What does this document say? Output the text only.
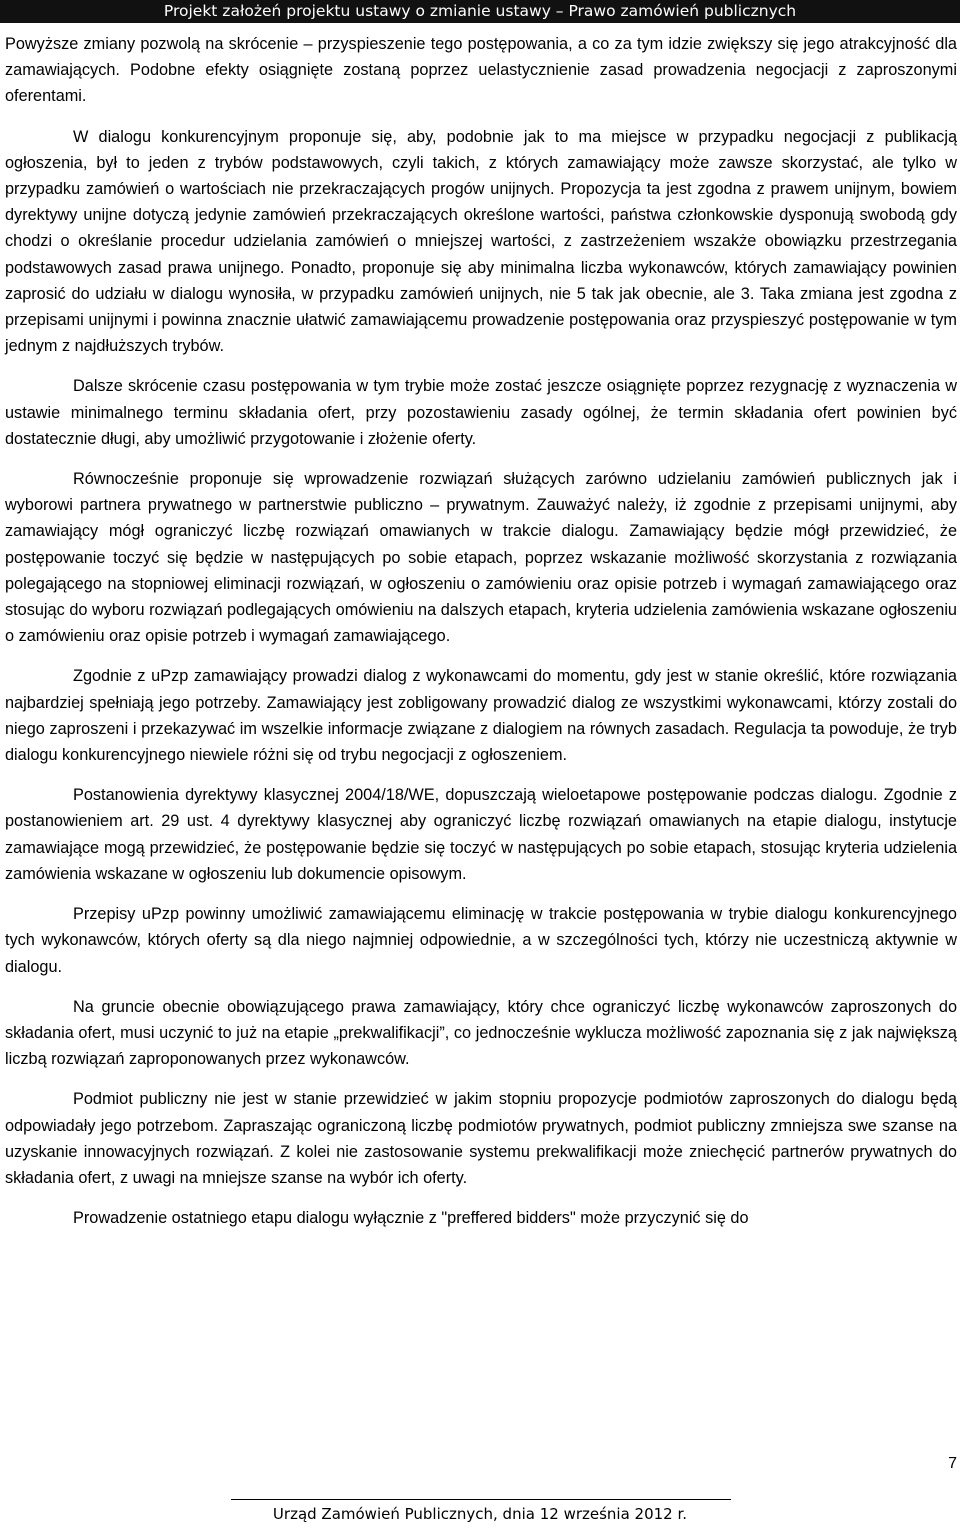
Projekt założeń projektu ustawy o zmianie ustawy – Prawo zamówień publicznych

Powyższe zmiany pozwolą na skrócenie – przyspieszenie tego postępowania, a co za tym idzie zwiększy się jego atrakcyjność dla zamawiających. Podobne efekty osiągnięte zostaną poprzez uelastycznienie zasad prowadzenia negocjacji z zaproszonymi oferentami.

W dialogu konkurencyjnym proponuje się, aby, podobnie jak to ma miejsce w przypadku negocjacji z publikacją ogłoszenia, był to jeden z trybów podstawowych, czyli takich, z których zamawiający może zawsze skorzystać, ale tylko w przypadku zamówień o wartościach nie przekraczających progów unijnych. Propozycja ta jest zgodna z prawem unijnym, bowiem dyrektywy unijne dotyczą jedynie zamówień przekraczających określone wartości, państwa członkowskie dysponują swobodą gdy chodzi o określanie procedur udzielania zamówień o mniejszej wartości, z zastrzeżeniem wszakże obowiązku przestrzegania podstawowych zasad prawa unijnego. Ponadto, proponuje się aby minimalna liczba wykonawców, których zamawiający powinien zaprosić do udziału w dialogu wynosiła, w przypadku zamówień unijnych, nie 5 tak jak obecnie, ale 3. Taka zmiana jest zgodna z przepisami unijnymi i powinna znacznie ułatwić zamawiającemu prowadzenie postępowania oraz przyspieszyć postępowanie w tym jednym z najdłuższych trybów.

Dalsze skrócenie czasu postępowania w tym trybie może zostać jeszcze osiągnięte poprzez rezygnację z wyznaczenia w ustawie minimalnego terminu składania ofert, przy pozostawieniu zasady ogólnej, że termin składania ofert powinien być dostatecznie długi, aby umożliwić przygotowanie i złożenie oferty.

Równocześnie proponuje się wprowadzenie rozwiązań służących zarówno udzielaniu zamówień publicznych jak i wyborowi partnera prywatnego w partnerstwie publiczno – prywatnym. Zauważyć należy, iż zgodnie z przepisami unijnymi, aby zamawiający mógł ograniczyć liczbę rozwiązań omawianych w trakcie dialogu. Zamawiający będzie mógł przewidzieć, że postępowanie toczyć się będzie w następujących po sobie etapach, poprzez wskazanie możliwość skorzystania z rozwiązania polegającego na stopniowej eliminacji rozwiązań, w ogłoszeniu o zamówieniu oraz opisie potrzeb i wymagań zamawiającego oraz stosując do wyboru rozwiązań podlegających omówieniu na dalszych etapach, kryteria udzielenia zamówienia wskazane ogłoszeniu o zamówieniu oraz opisie potrzeb i wymagań zamawiającego.

Zgodnie z uPzp zamawiający prowadzi dialog z wykonawcami do momentu, gdy jest w stanie określić, które rozwiązania najbardziej spełniają jego potrzeby. Zamawiający jest zobligowany prowadzić dialog ze wszystkimi wykonawcami, którzy zostali do niego zaproszeni i przekazywać im wszelkie informacje związane z dialogiem na równych zasadach. Regulacja ta powoduje, że tryb dialogu konkurencyjnego niewiele różni się od trybu negocjacji z ogłoszeniem.

Postanowienia dyrektywy klasycznej 2004/18/WE, dopuszczają wieloetapowe postępowanie podczas dialogu. Zgodnie z postanowieniem art. 29 ust. 4 dyrektywy klasycznej aby ograniczyć liczbę rozwiązań omawianych na etapie dialogu, instytucje zamawiające mogą przewidzieć, że postępowanie będzie się toczyć w następujących po sobie etapach, stosując kryteria udzielenia zamówienia wskazane w ogłoszeniu lub dokumencie opisowym.

Przepisy uPzp powinny umożliwić zamawiającemu eliminację w trakcie postępowania w trybie dialogu konkurencyjnego tych wykonawców, których oferty są dla niego najmniej odpowiednie, a w szczególności tych, którzy nie uczestniczą aktywnie w dialogu.

Na gruncie obecnie obowiązującego prawa zamawiający, który chce ograniczyć liczbę wykonawców zaproszonych do składania ofert, musi uczynić to już na etapie „prekwalifikacji”, co jednocześnie wyklucza możliwość zapoznania się z jak największą liczbą rozwiązań zaproponowanych przez wykonawców.

Podmiot publiczny nie jest w stanie przewidzieć w jakim stopniu propozycje podmiotów zaproszonych do dialogu będą odpowiadały jego potrzebom. Zapraszając ograniczoną liczbę podmiotów prywatnych, podmiot publiczny zmniejsza swe szanse na uzyskanie innowacyjnych rozwiązań. Z kolei nie zastosowanie systemu prekwalifikacji może zniechęcić partnerów prywatnych do składania ofert, z uwagi na mniejsze szanse na wybór ich oferty.

Prowadzenie ostatniego etapu dialogu wyłącznie z "preffered bidders" może przyczynić się do

7
Urząd Zamówień Publicznych, dnia 12 września 2012 r.
